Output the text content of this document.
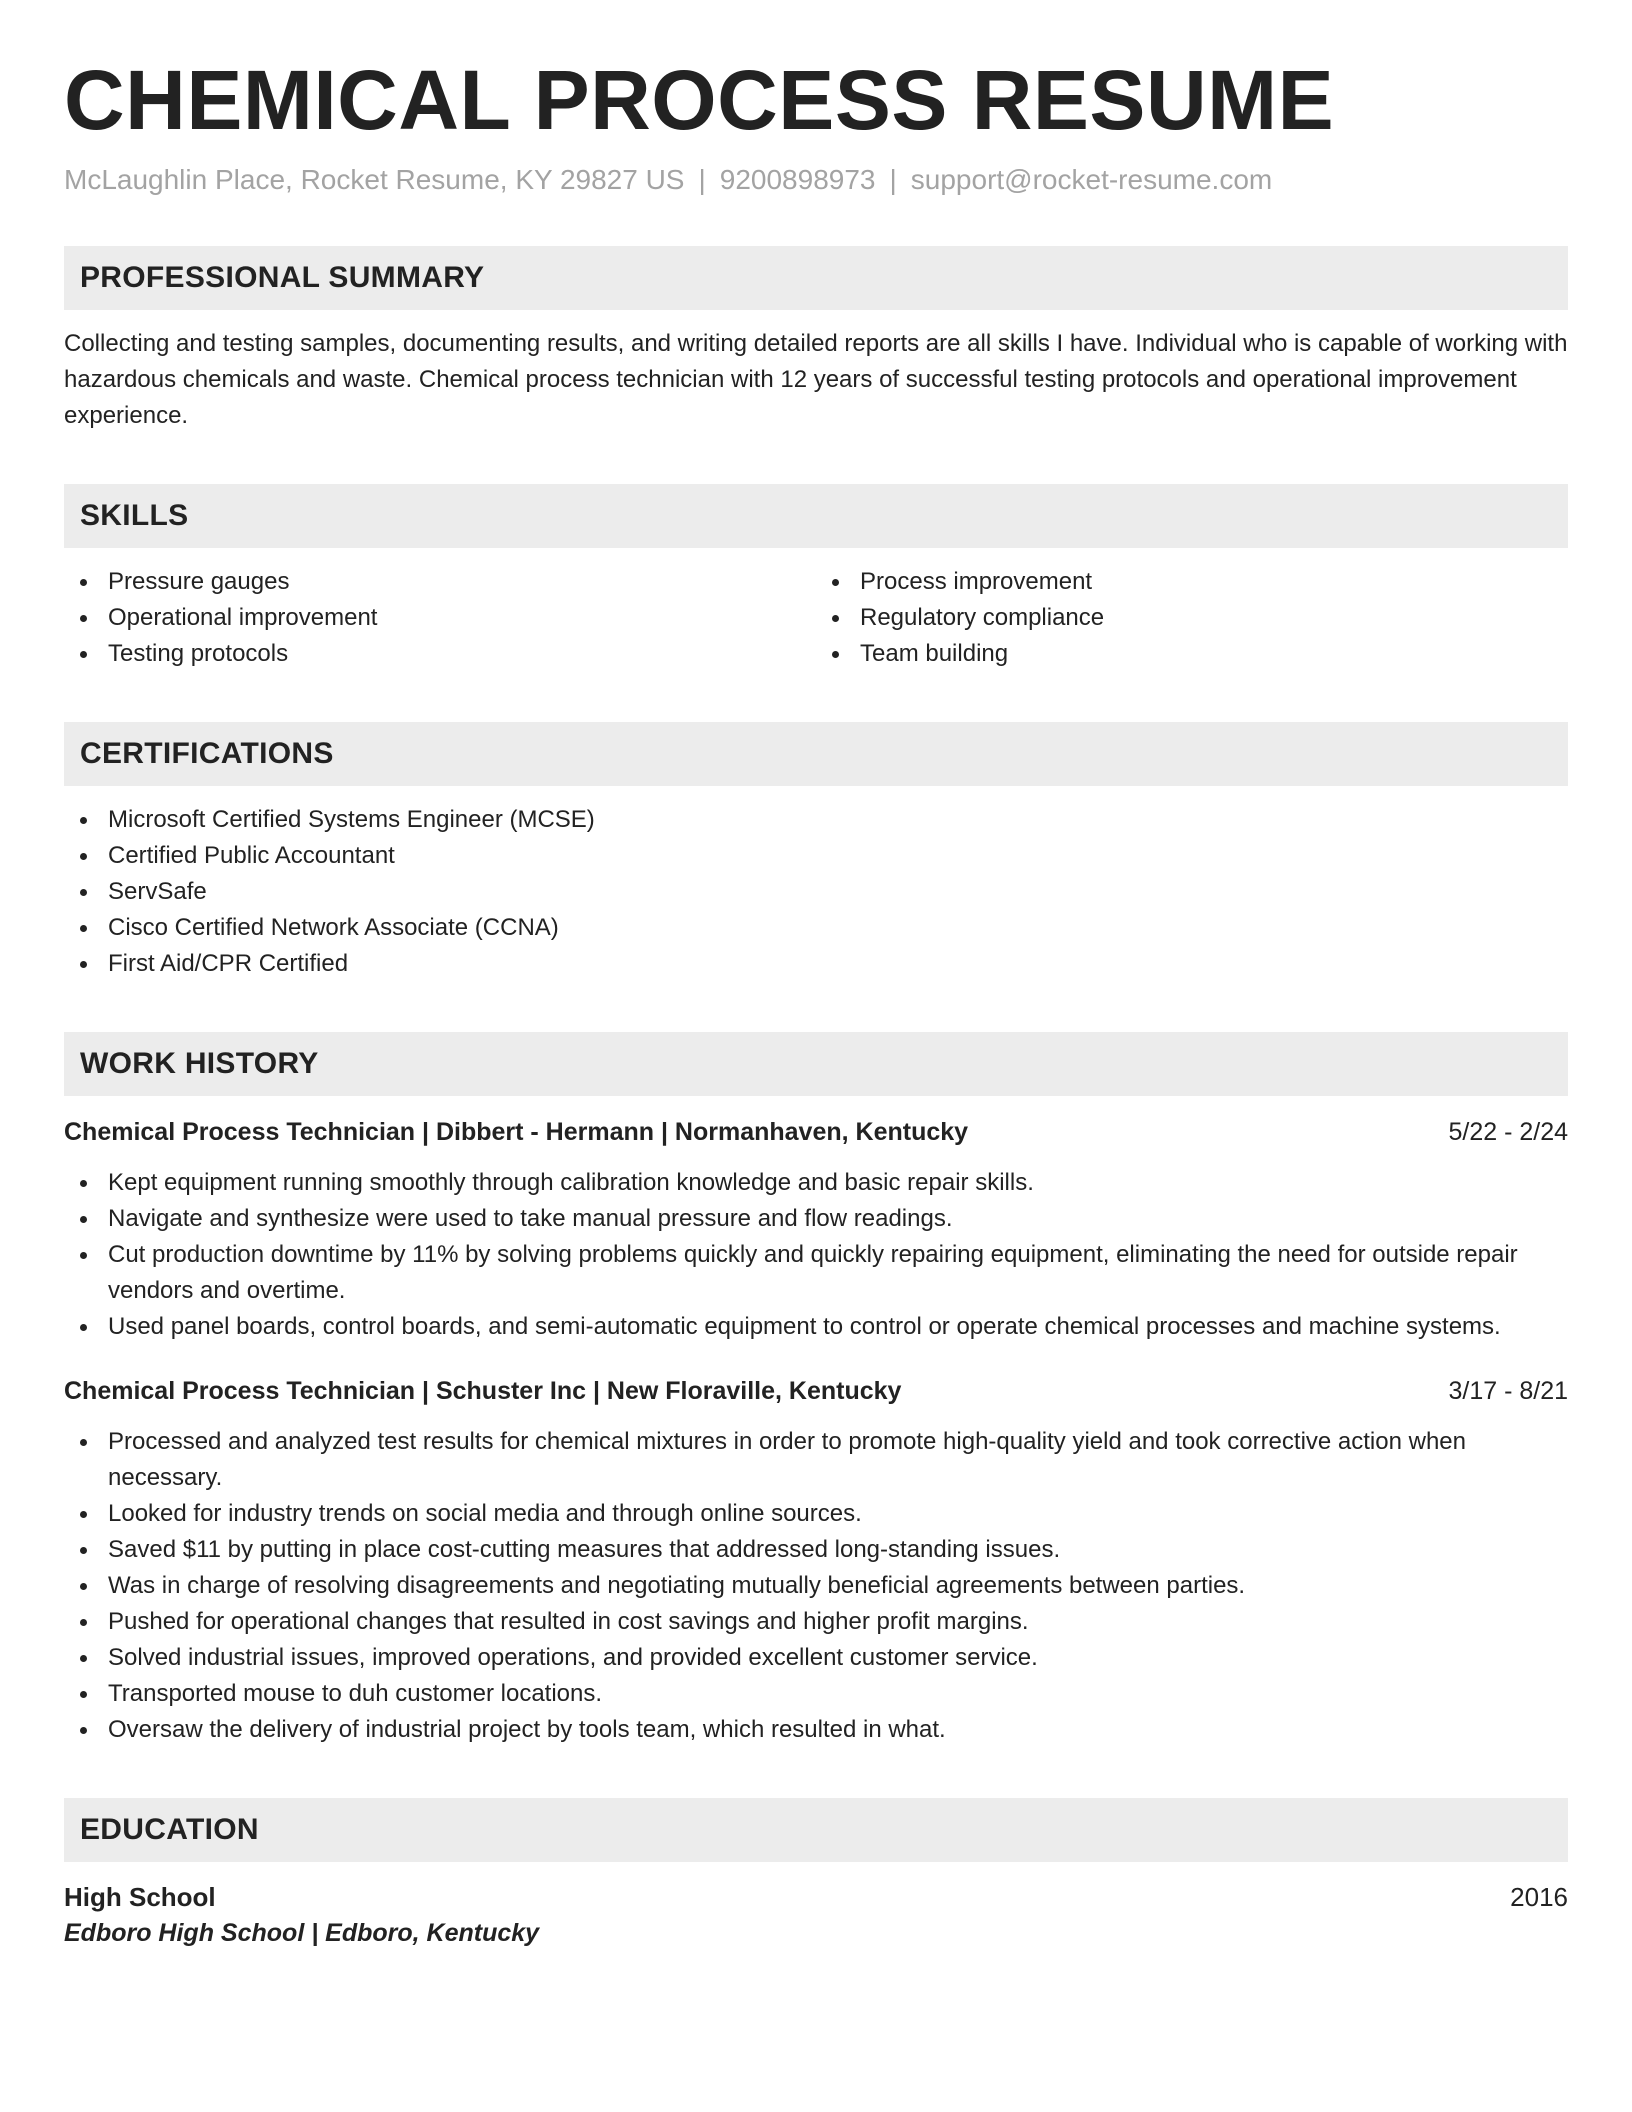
CHEMICAL PROCESS RESUME
McLaughlin Place, Rocket Resume, KY 29827 US | 9200898973 | support@rocket-resume.com
PROFESSIONAL SUMMARY

Collecting and testing samples, documenting results, and writing detailed reports are all skills I have. Individual who is capable of working with hazardous chemicals and waste. Chemical process technician with 12 years of successful testing protocols and operational improvement experience.

SKILLS
Pressure gauges
Operational improvement
Testing protocols
Process improvement
Regulatory compliance
Team building
CERTIFICATIONS
Microsoft Certified Systems Engineer (MCSE)
Certified Public Accountant
ServSafe
Cisco Certified Network Associate (CCNA)
First Aid/CPR Certified
WORK HISTORY
Chemical Process Technician | Dibbert - Hermann | Normanhaven, Kentucky	5/22 - 2/24
Kept equipment running smoothly through calibration knowledge and basic repair skills.
Navigate and synthesize were used to take manual pressure and flow readings.
Cut production downtime by 11% by solving problems quickly and quickly repairing equipment, eliminating the need for outside repair vendors and overtime.
Used panel boards, control boards, and semi-automatic equipment to control or operate chemical processes and machine systems.
Chemical Process Technician | Schuster Inc | New Floraville, Kentucky	3/17 - 8/21
Processed and analyzed test results for chemical mixtures in order to promote high-quality yield and took corrective action when necessary.
Looked for industry trends on social media and through online sources.
Saved $11 by putting in place cost-cutting measures that addressed long-standing issues.
Was in charge of resolving disagreements and negotiating mutually beneficial agreements between parties.
Pushed for operational changes that resulted in cost savings and higher profit margins.
Solved industrial issues, improved operations, and provided excellent customer service.
Transported mouse to duh customer locations.
Oversaw the delivery of industrial project by tools team, which resulted in what.
EDUCATION
High School	2016
Edboro High School | Edboro, Kentucky
